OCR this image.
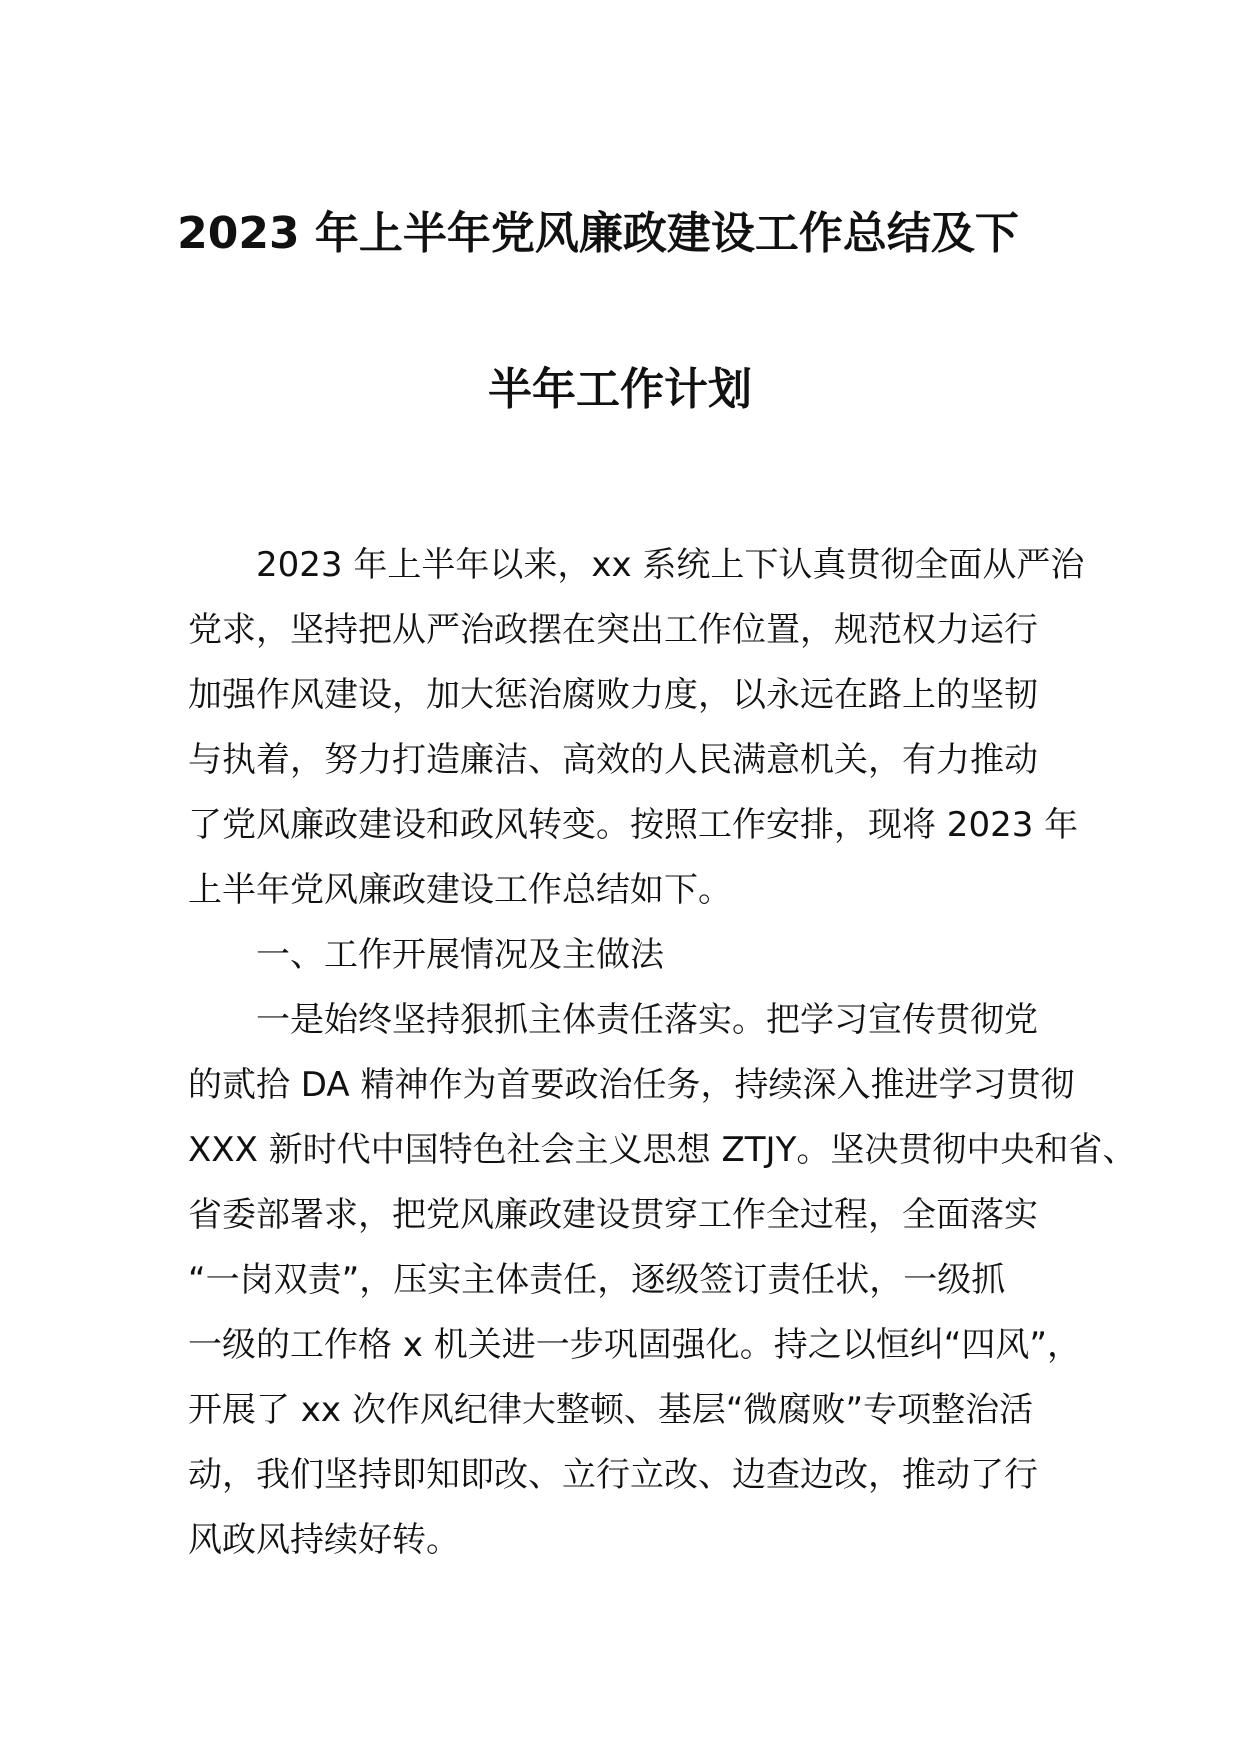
2023 年上半年党风廉政建设工作总结及下
半年工作计划
2023 年上半年以来，xx 系统上下认真贯彻全面从严治
党求，坚持把从严治政摆在突出工作位置，规范权力运行
加强作风建设，加大惩治腐败力度，以永远在路上的坚韧
与执着，努力打造廉洁、高效的人民满意机关，有力推动
了党风廉政建设和政风转变。按照工作安排，现将 2023 年
上半年党风廉政建设工作总结如下。
一、工作开展情况及主做法
一是始终坚持狠抓主体责任落实。把学习宣传贯彻党
的贰拾 DA 精神作为首要政治任务，持续深入推进学习贯彻
XXX 新时代中国特色社会主义思想 ZTJY。坚决贯彻中央和省、
省委部署求，把党风廉政建设贯穿工作全过程，全面落实
“一岗双责”，压实主体责任，逐级签订责任状，一级抓
一级的工作格 x 机关进一步巩固强化。持之以恒纠“四风”，
开展了 xx 次作风纪律大整顿、基层“微腐败”专项整治活
动，我们坚持即知即改、立行立改、边查边改，推动了行
风政风持续好转。
